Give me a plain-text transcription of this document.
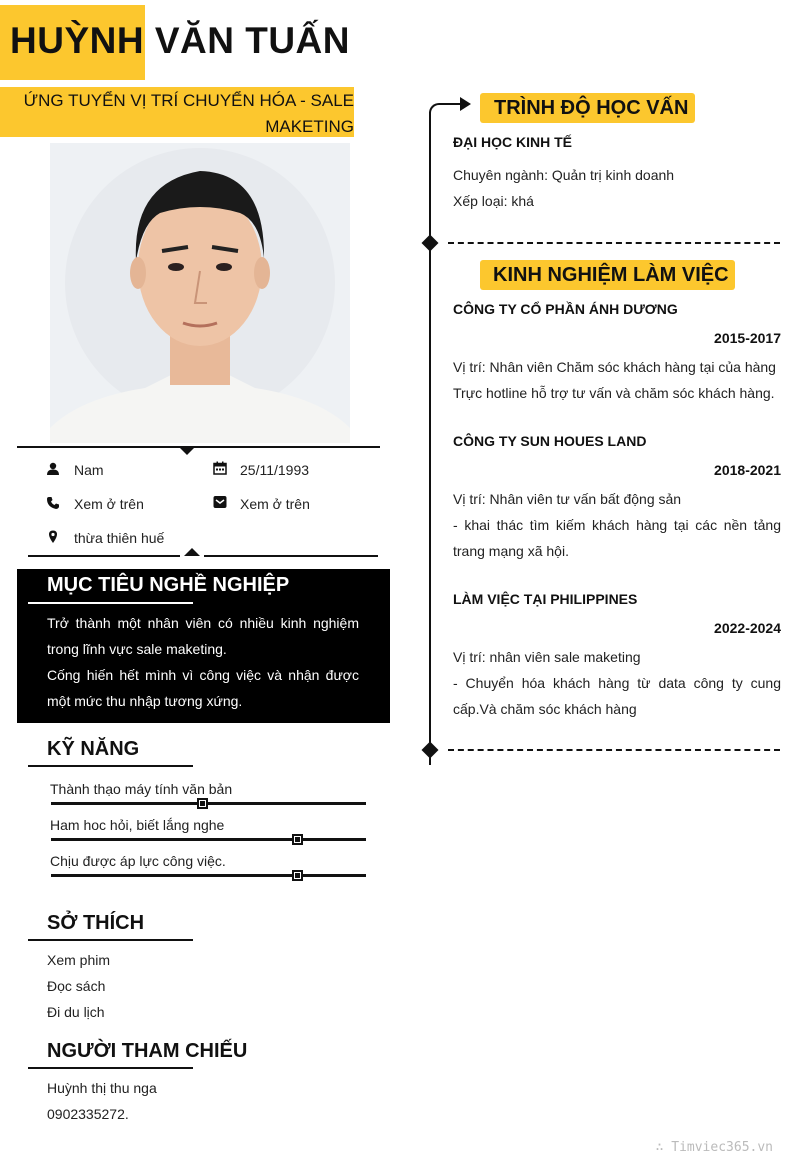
HUỲNH VĂN TUẤN
ỨNG TUYỂN VỊ TRÍ CHUYỂN HÓA - SALE
MAKETING
Nam	25/11/1993
Xem ở trên	Xem ở trên
thừa thiên huế
MỤC TIÊU NGHỀ NGHIỆP
Trở thành một nhân viên có nhiều kinh nghiệm trong lĩnh vực sale maketing.
Cống hiến hết mình vì công việc và nhận được một mức thu nhập tương xứng.
KỸ NĂNG
Thành thạo máy tính văn bản
Ham hoc hỏi, biết lắng nghe
Chịu được áp lực công việc.
SỞ THÍCH
Xem phim
Đọc sách
Đi du lịch
NGƯỜI THAM CHIẾU
Huỳnh thị thu nga
0902335272.
TRÌNH ĐỘ HỌC VẤN
ĐẠI HỌC KINH TẾ
Chuyên ngành: Quản trị kinh doanh
Xếp loại: khá
KINH NGHIỆM LÀM VIỆC
CÔNG TY CỔ PHẦN ÁNH DƯƠNG
2015-2017
Vị trí: Nhân viên Chăm sóc khách hàng tại của hàng
Trực hotline hỗ trợ tư vấn và chăm sóc khách hàng.
CÔNG TY SUN HOUES LAND
2018-2021
Vị trí: Nhân viên tư vấn bất động sản
- khai thác tìm kiếm khách hàng tại các nền tảng trang mạng xã hội.
LÀM VIỆC TẠI PHILIPPINES
2022-2024
Vị trí: nhân viên sale maketing
- Chuyển hóa khách hàng từ data công ty cung cấp.Và chăm sóc khách hàng
∴ Timviec365.vn
